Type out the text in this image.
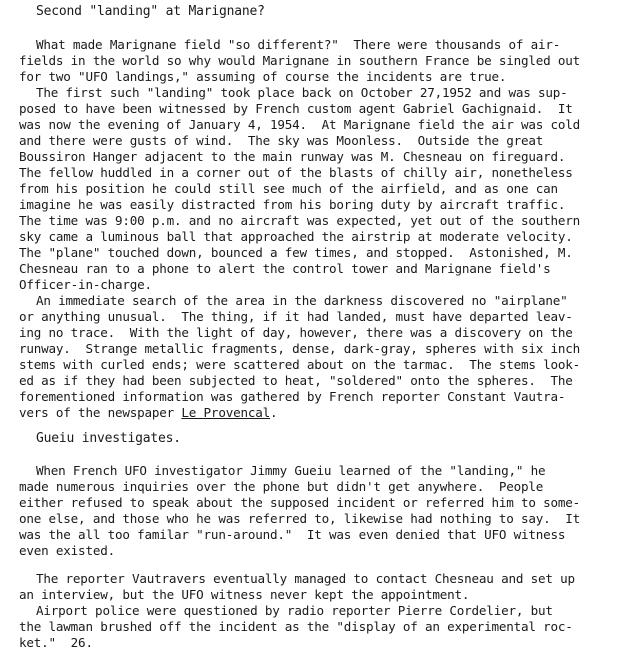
Second "landing" at Marignane?
What made Marignane field "so different?"  There were thousands of air-
fields in the world so why would Marignane in southern France be singled out
for two "UFO landings," assuming of course the incidents are true.
The first such "landing" took place back on October 27,1952 and was sup-
posed to have been witnessed by French custom agent Gabriel Gachignaid.  It
was now the evening of January 4, 1954.  At Marignane field the air was cold
and there were gusts of wind.  The sky was Moonless.  Outside the great
Boussiron Hanger adjacent to the main runway was M. Chesneau on fireguard.
The fellow huddled in a corner out of the blasts of chilly air, nonetheless
from his position he could still see much of the airfield, and as one can
imagine he was easily distracted from his boring duty by aircraft traffic.
The time was 9:00 p.m. and no aircraft was expected, yet out of the southern
sky came a luminous ball that approached the airstrip at moderate velocity.
The "plane" touched down, bounced a few times, and stopped.  Astonished, M.
Chesneau ran to a phone to alert the control tower and Marignane field's
Officer-in-charge.
An immediate search of the area in the darkness discovered no "airplane"
or anything unusual.  The thing, if it had landed, must have departed leav-
ing no trace.  With the light of day, however, there was a discovery on the
runway.  Strange metallic fragments, dense, dark-gray, spheres with six inch
stems with curled ends; were scattered about on the tarmac.  The stems look-
ed as if they had been subjected to heat, "soldered" onto the spheres.  The
forementioned information was gathered by French reporter Constant Vautra-
vers of the newspaper Le Provencal.
Gueiu investigates.
When French UFO investigator Jimmy Gueiu learned of the "landing," he
made numerous inquiries over the phone but didn't get anywhere.  People
either refused to speak about the supposed incident or referred him to some-
one else, and those who he was referred to, likewise had nothing to say.  It
was the all too familar "run-around."  It was even denied that UFO witness
even existed.
The reporter Vautravers eventually managed to contact Chesneau and set up
an interview, but the UFO witness never kept the appointment.
Airport police were questioned by radio reporter Pierre Cordelier, but
the lawman brushed off the incident as the "display of an experimental roc-
ket."  26.
